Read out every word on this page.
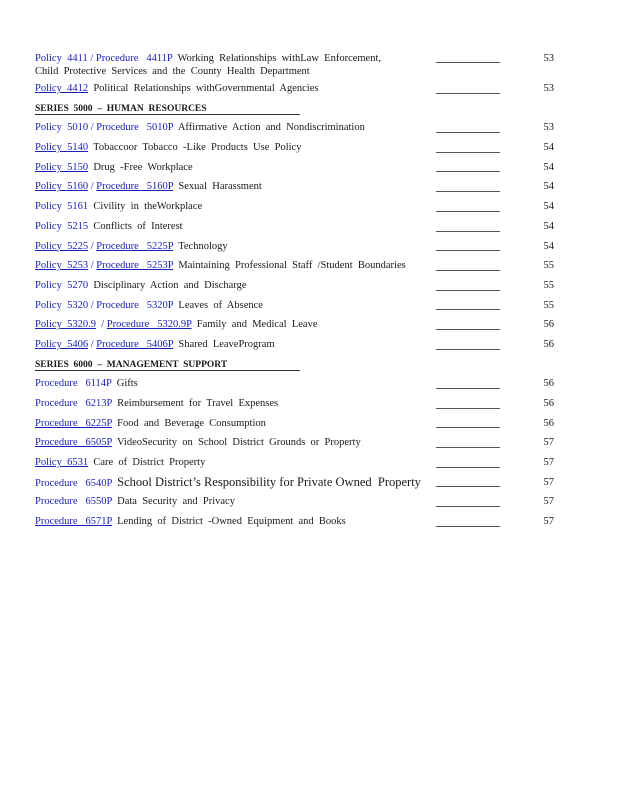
Policy  4411 / Procedure   4411P Working  Relationships  withLaw  Enforcement,
Child  Protective  Services  and  the  County  Health  Department
53
Policy  4412 Political  Relationships  withGovernmental  Agencies	53
SERIES  5000  –  HUMAN  RESOURCES
Policy  5010 / Procedure   5010P Affirmative  Action  and  Nondiscrimination	53
Policy  5140 Tobaccoor  Tobacco  -Like  Products  Use  Policy	54
Policy  5150 Drug  -Free  Workplace	54
Policy  5160 / Procedure   5160P Sexual  Harassment	54
Policy  5161 Civility  in  theWorkplace	54
Policy  5215 Conflicts  of  Interest	54
Policy  5225 / Procedure   5225P Technology	54
Policy  5253 / Procedure   5253P Maintaining  Professional  Staff  /Student  Boundaries	55
Policy  5270 Disciplinary  Action  and  Discharge	55
Policy  5320 / Procedure   5320P Leaves  of  Absence	55
Policy  5320.9  / Procedure   5320.9P Family  and  Medical  Leave	56
Policy  5406 / Procedure   5406P Shared  LeaveProgram	56
SERIES  6000  –  MANAGEMENT  SUPPORT
Procedure   6114P Gifts	56
Procedure   6213P Reimbursement  for  Travel  Expenses	56
Procedure   6225P Food  and  Beverage  Consumption	56
Procedure   6505P VideoSecurity  on  School  District  Grounds  or  Property	57
Policy  6531 Care  of  District  Property	57
Procedure   6540P School District’s Responsibility for Private Owned  Property	57
Procedure   6550P Data  Security  and  Privacy	57
Procedure   6571P Lending  of  District  -Owned  Equipment  and  Books	57
